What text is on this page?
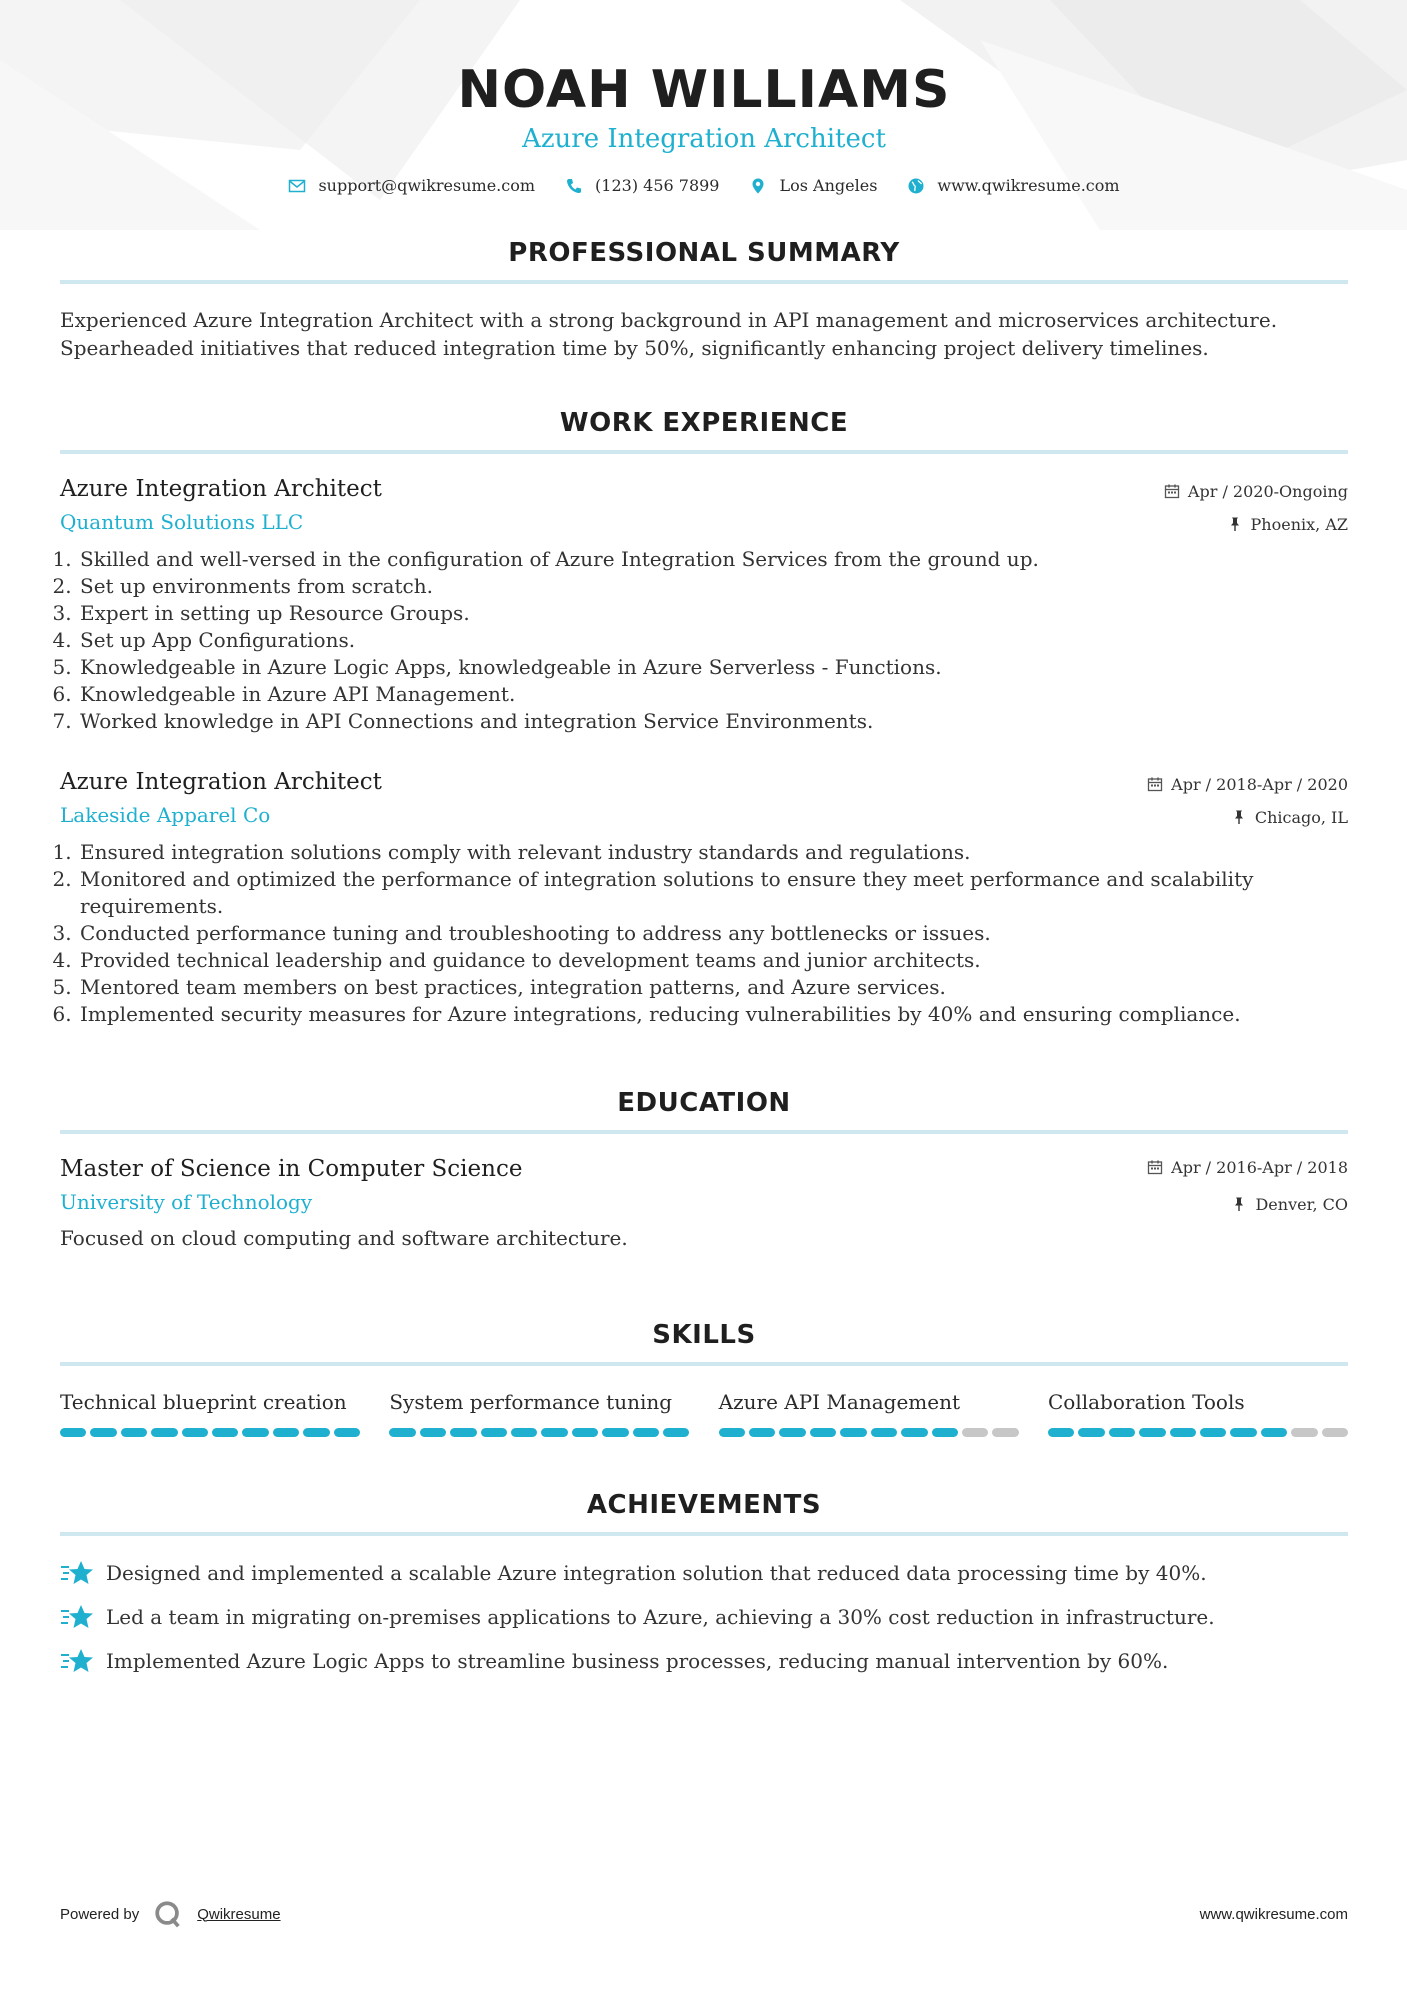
NOAH WILLIAMS
Azure Integration Architect
support@qwikresume.com	(123) 456 7899	Los Angeles	www.qwikresume.com
PROFESSIONAL SUMMARY
Experienced Azure Integration Architect with a strong background in API management and microservices architecture. Spearheaded initiatives that reduced integration time by 50%, significantly enhancing project delivery timelines.
WORK EXPERIENCE
Azure Integration Architect
Quantum Solutions LLC
Apr / 2020-Ongoing
Phoenix, AZ
1. Skilled and well-versed in the configuration of Azure Integration Services from the ground up.
2. Set up environments from scratch.
3. Expert in setting up Resource Groups.
4. Set up App Configurations.
5. Knowledgeable in Azure Logic Apps, knowledgeable in Azure Serverless - Functions.
6. Knowledgeable in Azure API Management.
7. Worked knowledge in API Connections and integration Service Environments.
Azure Integration Architect
Lakeside Apparel Co
Apr / 2018-Apr / 2020
Chicago, IL
1. Ensured integration solutions comply with relevant industry standards and regulations.
2. Monitored and optimized the performance of integration solutions to ensure they meet performance and scalability requirements.
3. Conducted performance tuning and troubleshooting to address any bottlenecks or issues.
4. Provided technical leadership and guidance to development teams and junior architects.
5. Mentored team members on best practices, integration patterns, and Azure services.
6. Implemented security measures for Azure integrations, reducing vulnerabilities by 40% and ensuring compliance.
EDUCATION
Master of Science in Computer Science
University of Technology
Apr / 2016-Apr / 2018
Denver, CO
Focused on cloud computing and software architecture.
SKILLS
Technical blueprint creation	System performance tuning	Azure API Management	Collaboration Tools
ACHIEVEMENTS
Designed and implemented a scalable Azure integration solution that reduced data processing time by 40%.
Led a team in migrating on-premises applications to Azure, achieving a 30% cost reduction in infrastructure.
Implemented Azure Logic Apps to streamline business processes, reducing manual intervention by 60%.
Powered by	Qwikresume	www.qwikresume.com
